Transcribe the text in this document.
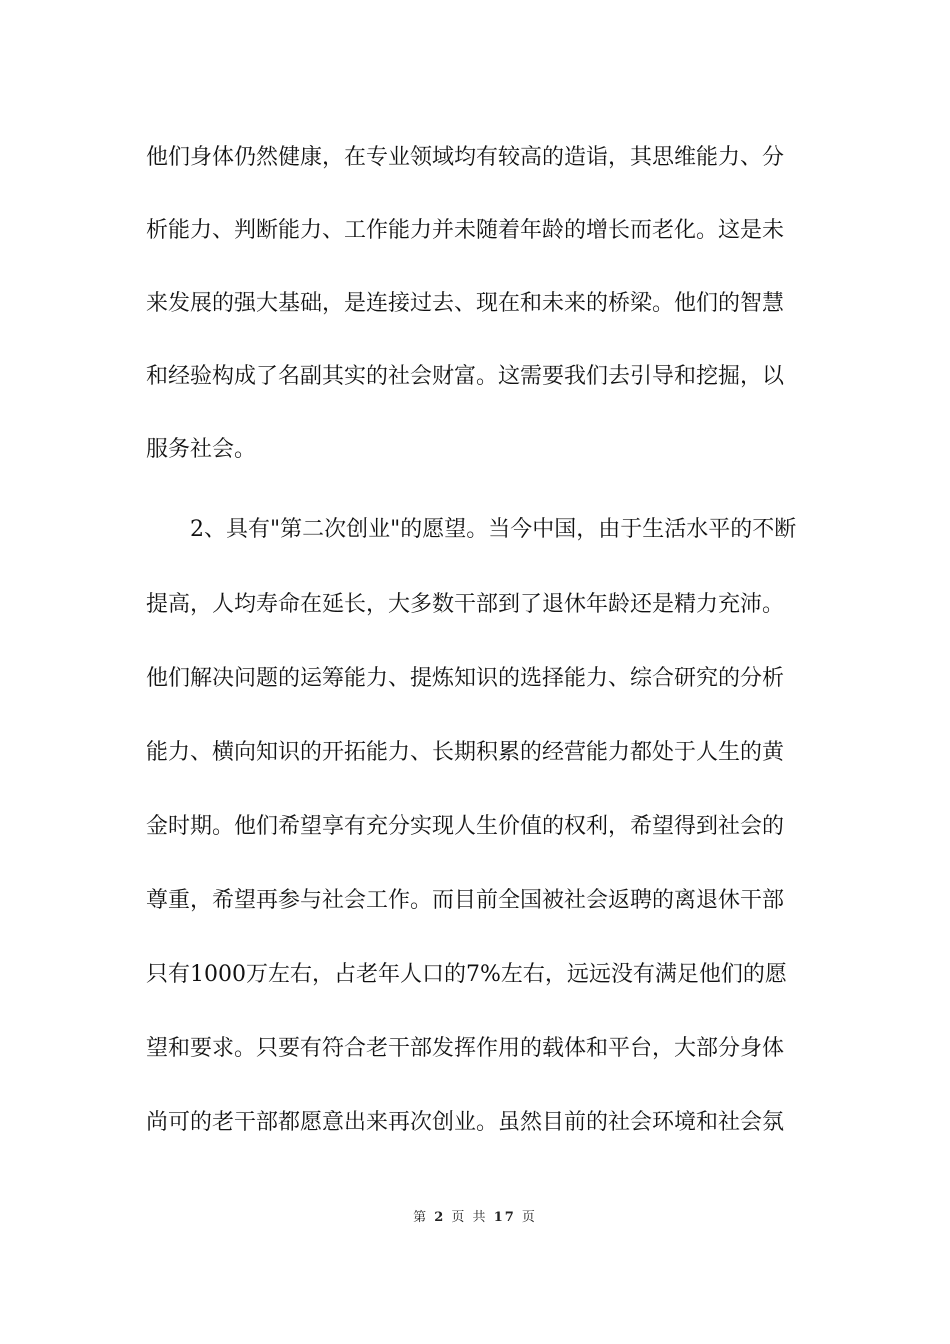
他们身体仍然健康，在专业领域均有较高的造诣，其思维能力、分
析能力、判断能力、工作能力并未随着年龄的增长而老化。这是未
来发展的强大基础，是连接过去、现在和未来的桥梁。他们的智慧
和经验构成了名副其实的社会财富。这需要我们去引导和挖掘，以
服务社会。
2、具有"第二次创业"的愿望。当今中国，由于生活水平的不断
提高，人均寿命在延长，大多数干部到了退休年龄还是精力充沛。
他们解决问题的运筹能力、提炼知识的选择能力、综合研究的分析
能力、横向知识的开拓能力、长期积累的经营能力都处于人生的黄
金时期。他们希望享有充分实现人生价值的权利，希望得到社会的
尊重，希望再参与社会工作。而目前全国被社会返聘的离退休干部
只有1000万左右，占老年人口的7%左右，远远没有满足他们的愿
望和要求。只要有符合老干部发挥作用的载体和平台，大部分身体
尚可的老干部都愿意出来再次创业。虽然目前的社会环境和社会氛
第 2 页 共 17 页
